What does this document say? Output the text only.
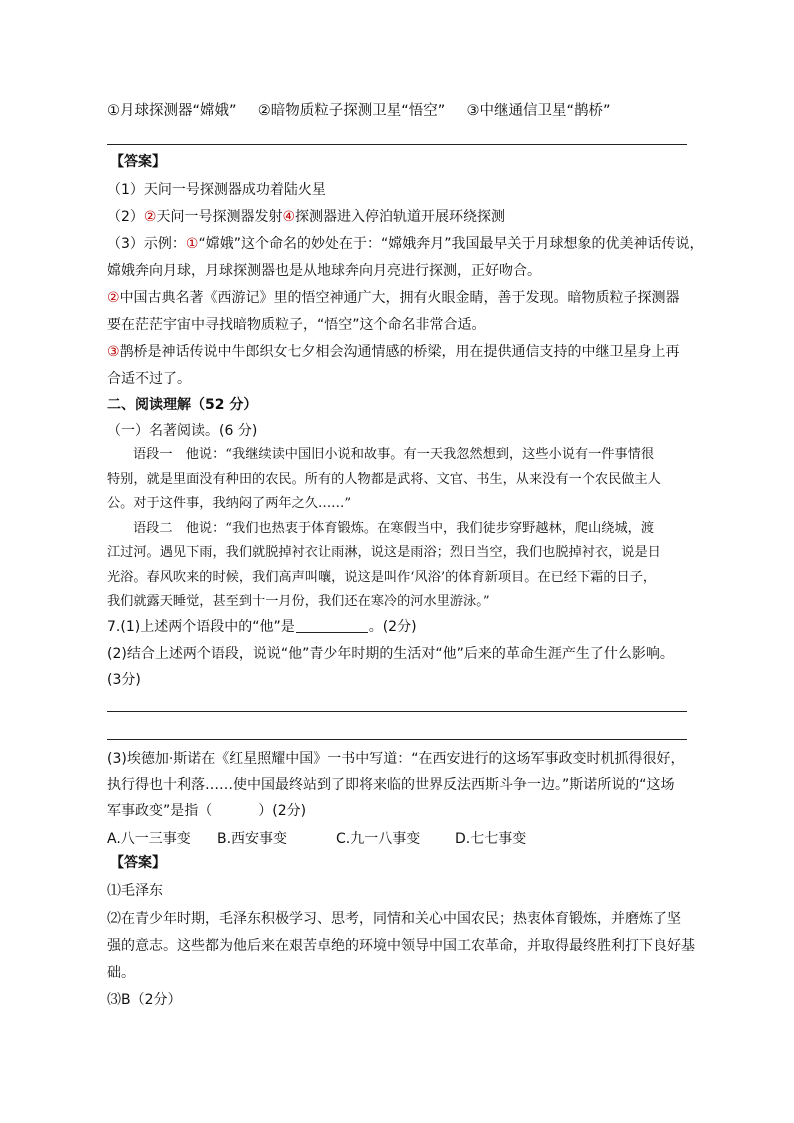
①月球探测器“嫦娥” ②暗物质粒子探测卫星“悟空” ③中继通信卫星“鹊桥”
【答案】
（1）天问一号探测器成功着陆火星
（2）②天问一号探测器发射④探测器进入停泊轨道开展环绕探测
（3）示例：①“嫦娥”这个命名的妙处在于：“嫦娥奔月”我国最早关于月球想象的优美神话传说，
嫦娥奔向月球，月球探测器也是从地球奔向月亮进行探测，正好吻合。
②中国古典名著《西游记》里的悟空神通广大，拥有火眼金睛，善于发现。暗物质粒子探测器
要在茫茫宇宙中寻找暗物质粒子，“悟空”这个命名非常合适。
③鹊桥是神话传说中牛郎织女七夕相会沟通情感的桥梁，用在提供通信支持的中继卫星身上再
合适不过了。
二、阅读理解（52 分）
（一）名著阅读。(6 分)
语段一　他说：“我继续读中国旧小说和故事。有一天我忽然想到，这些小说有一件事情很
特别，就是里面没有种田的农民。所有的人物都是武将、文官、书生，从来没有一个农民做主人
公。对于这件事，我纳闷了两年之久……”
语段二　他说：“我们也热衷于体育锻炼。在寒假当中，我们徒步穿野越林，爬山绕城，渡
江过河。遇见下雨，我们就脱掉衬衣让雨淋，说这是雨浴；烈日当空，我们也脱掉衬衣，说是日
光浴。春风吹来的时候，我们高声叫嚷，说这是叫作‘风浴’的体育新项目。在已经下霜的日子，
我们就露天睡觉，甚至到十一月份，我们还在寒冷的河水里游泳。”
7.(1)上述两个语段中的“他”是	。(2分)
(2)结合上述两个语段，说说“他”青少年时期的生活对“他”后来的革命生涯产生了什么影响。
(3分)
(3)埃德加·斯诺在《红星照耀中国》一书中写道：“在西安进行的这场军事政变时机抓得很好，
执行得也十利落……使中国最终站到了即将来临的世界反法西斯斗争一边。”斯诺所说的“这场
军事政变”是指（	）(2分)
A.八一三事变 B.西安事变	C.九一八事变 D.七七事变
【答案】
⑴毛泽东
⑵在青少年时期，毛泽东积极学习、思考，同情和关心中国农民；热衷体育锻炼，并磨炼了坚
强的意志。这些都为他后来在艰苦卓绝的环境中领导中国工农革命，并取得最终胜利打下良好基
础。
⑶B（2分）
